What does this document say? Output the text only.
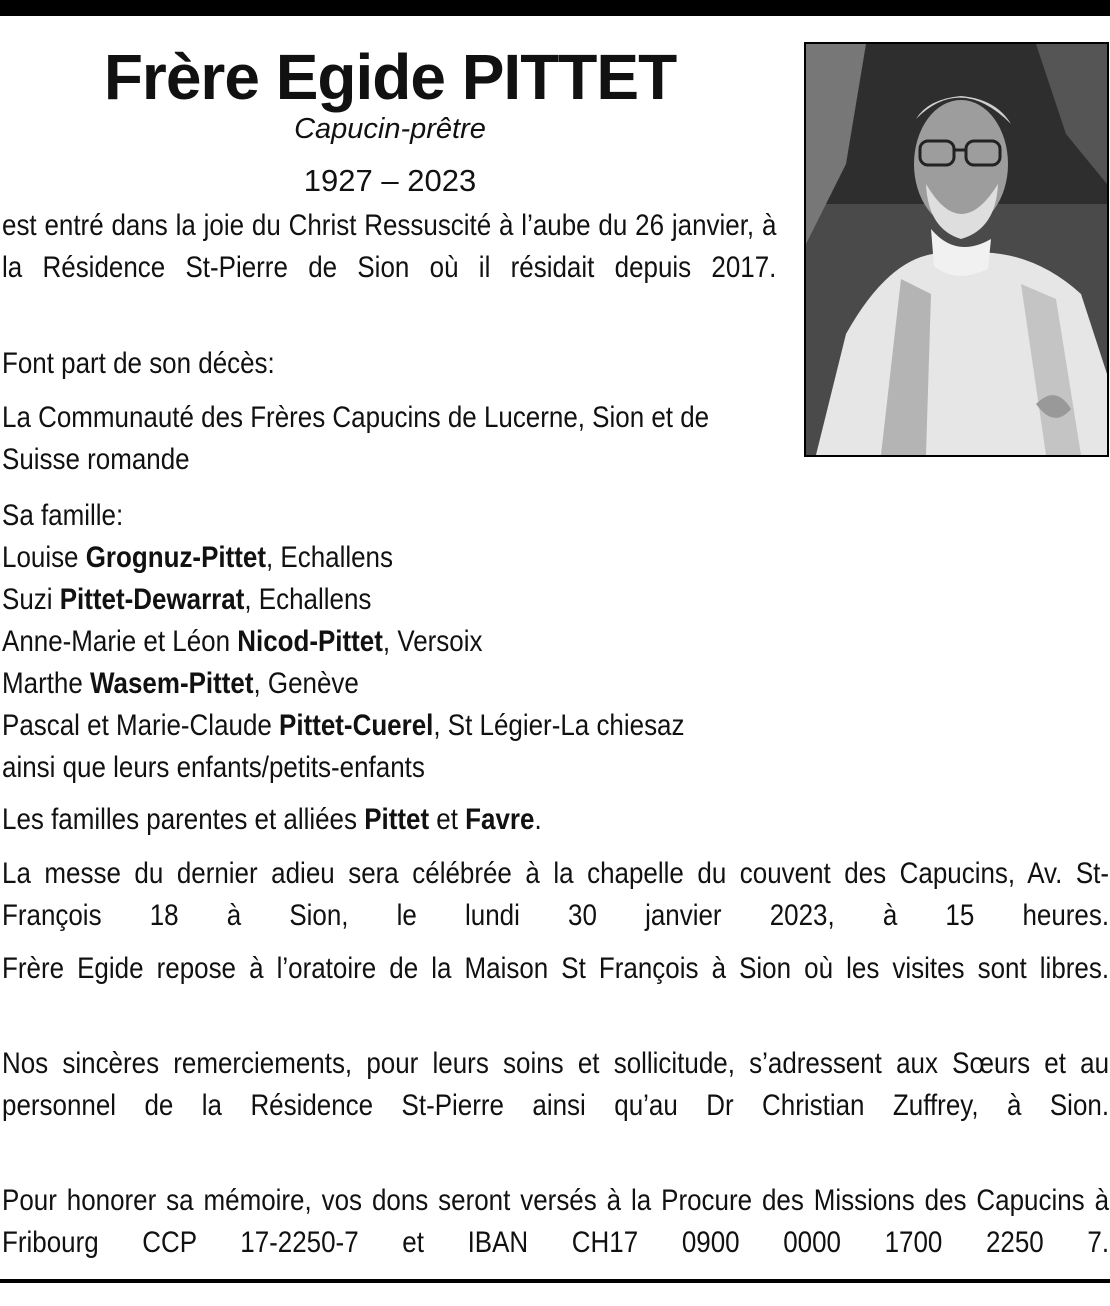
Frère Egide PITTET
Capucin-prêtre
1927 – 2023
est entré dans la joie du Christ Ressuscité à l’aube du 26 janvier, à la Résidence St-Pierre de Sion où il résidait depuis 2017.
Font part de son décès:
La Communauté des Frères Capucins de Lucerne, Sion et de Suisse romande
Sa famille:
Louise Grognuz-Pittet, Echallens
Suzi Pittet-Dewarrat, Echallens
Anne-Marie et Léon Nicod-Pittet, Versoix
Marthe Wasem-Pittet, Genève
Pascal et Marie-Claude Pittet-Cuerel, St Légier-La chiesaz
ainsi que leurs enfants/petits-enfants
Les familles parentes et alliées Pittet et Favre.
La messe du dernier adieu sera célébrée à la chapelle du couvent des Capucins, Av. St-François 18 à Sion, le lundi 30 janvier 2023, à 15 heures.
Frère Egide repose à l’oratoire de la Maison St François à Sion où les visites sont libres.
Nos sincères remerciements, pour leurs soins et sollicitude, s’adressent aux Sœurs et au personnel de la Résidence St-Pierre ainsi qu’au Dr Christian Zuffrey, à Sion.
Pour honorer sa mémoire, vos dons seront versés à la Procure des Missions des Capucins à Fribourg CCP 17-2250-7 et IBAN CH17 0900 0000 1700 2250 7.
